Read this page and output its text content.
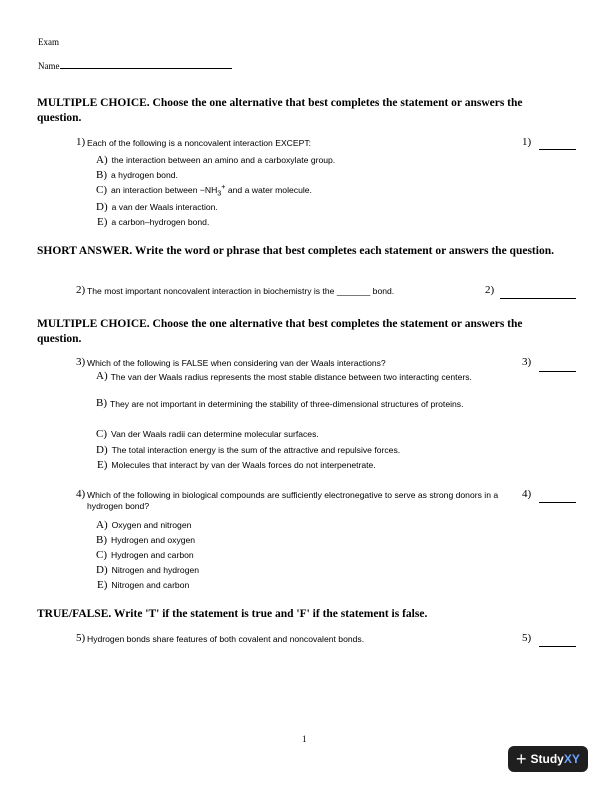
Exam
Name
MULTIPLE CHOICE. Choose the one alternative that best completes the statement or answers the question.
1) Each of the following is a noncovalent interaction EXCEPT:	1)
A) the interaction between an amino and a carboxylate group.
B) a hydrogen bond.
C) an interaction between $-NH_3^+$ and a water molecule.
D) a van der Waals interaction.
E) a carbon–hydrogen bond.
SHORT ANSWER. Write the word or phrase that best completes each statement or answers the question.
2) The most important noncovalent interaction in biochemistry is the _______ bond.	2)
MULTIPLE CHOICE. Choose the one alternative that best completes the statement or answers the question.
3) Which of the following is FALSE when considering van der Waals interactions?	3)
A) The van der Waals radius represents the most stable distance between two interacting centers.
B) They are not important in determining the stability of three-dimensional structures of proteins.
C) Van der Waals radii can determine molecular surfaces.
D) The total interaction energy is the sum of the attractive and repulsive forces.
E) Molecules that interact by van der Waals forces do not interpenetrate.
4) Which of the following in biological compounds are sufficiently electronegative to serve as strong donors in a hydrogen bond?
4)
A) Oxygen and nitrogen
B) Hydrogen and oxygen
C) Hydrogen and carbon
D) Nitrogen and hydrogen
E) Nitrogen and carbon
TRUE/FALSE. Write 'T' if the statement is true and 'F' if the statement is false.
5) Hydrogen bonds share features of both covalent and noncovalent bonds.	5)
1
+ StudyXY
